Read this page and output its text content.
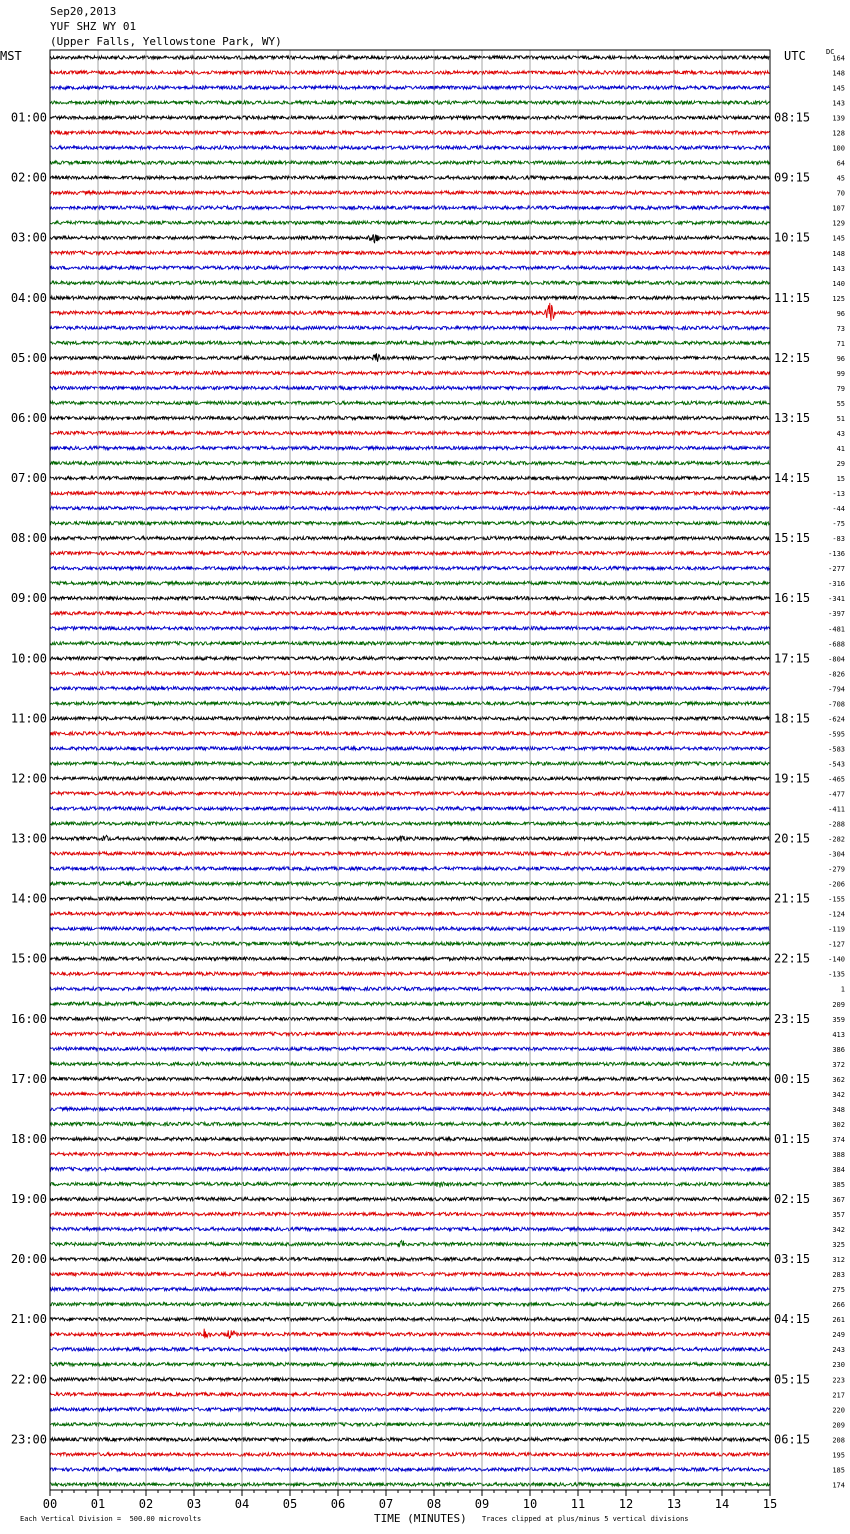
01:00
02:00
03:00
04:00
05:00
06:00
07:00
08:00
09:00
10:00
11:00
12:00
13:00
14:00
15:00
16:00
17:00
18:00
19:00
20:00
21:00
22:00
23:00
08:15
09:15
10:15
11:15
12:15
13:15
14:15
15:15
16:15
17:15
18:15
19:15
20:15
21:15
22:15
23:15
00:15
01:15
02:15
03:15
04:15
05:15
06:15
164
148
145
143
139
128
100
64
45
70
107
129
145
148
143
140
125
96
73
71
96
99
79
55
51
43
41
29
15
-13
-44
-75
-83
-136
-277
-316
-341
-397
-481
-688
-804
-826
-794
-708
-624
-595
-583
-543
-465
-477
-411
-288
-282
-304
-279
-206
-155
-124
-119
-127
-140
-135
1
209
359
413
386
372
362
342
348
302
374
388
384
385
367
357
342
325
312
283
275
266
261
249
243
230
223
217
220
209
208
195
185
174
00	01	02	03	04	05	06	07	08	09	10	11	12	13	14	15
Sep20,2013
YUF SHZ WY 01
(Upper Falls, Yellowstone Park, WY)
MST	UTC	DC
Each Vertical Division =  500.00 microvolts	TIME (MINUTES) Traces clipped at plus/minus 5 vertical divisions
